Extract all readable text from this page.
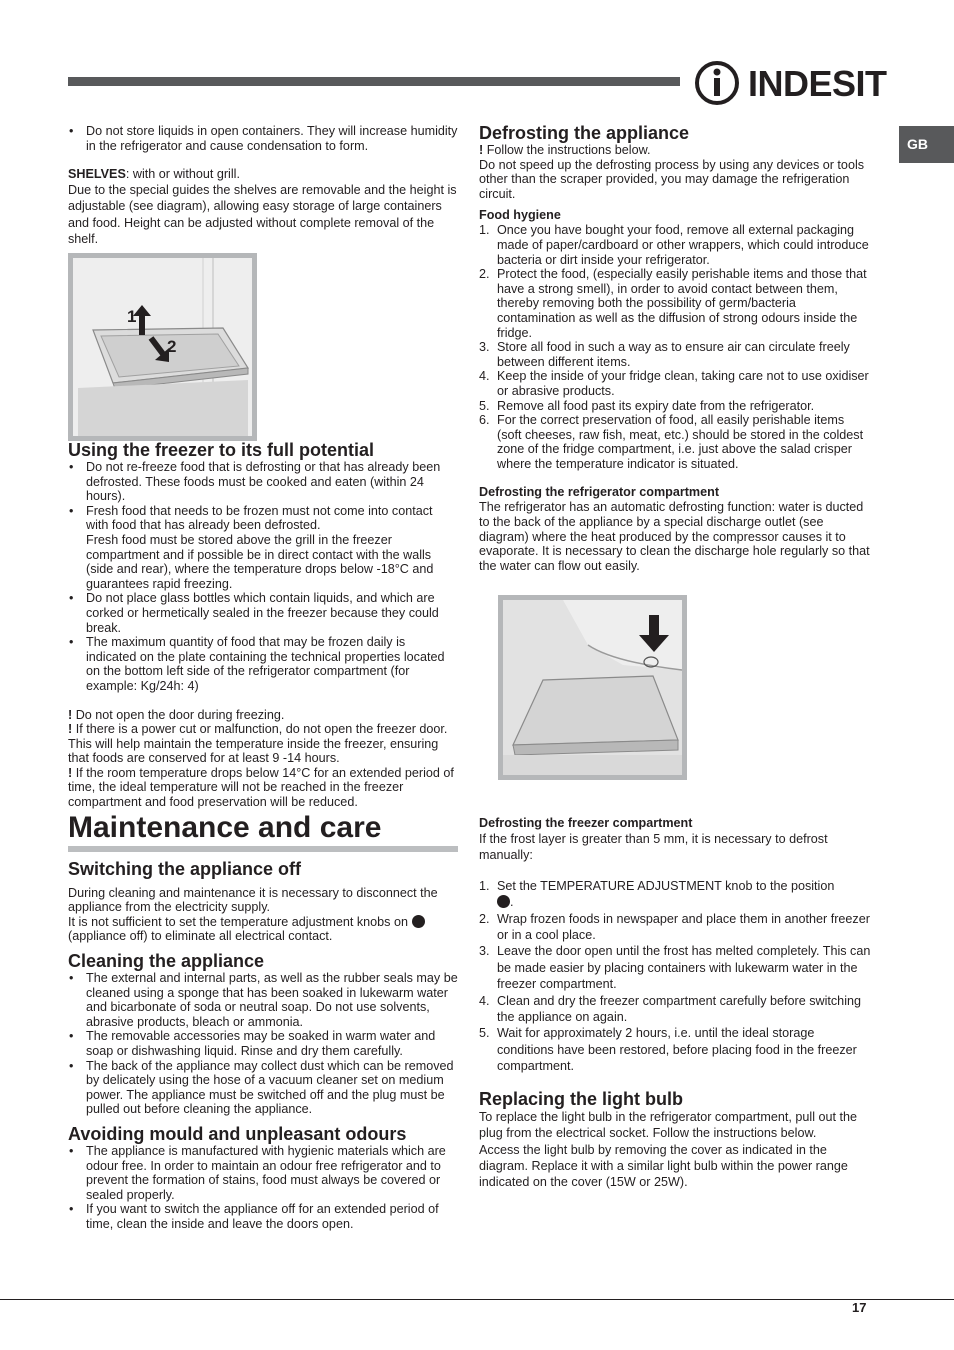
INDESIT
GB
• Do not store liquids in open containers. They will increase humidity in the refrigerator and cause condensation to form.

SHELVES: with or without grill.

Due to the special guides the shelves are removable and the height is adjustable (see diagram), allowing easy storage of large containers and food. Height can be adjusted without complete removal of the shelf.

1
2
Using the freezer to its full potential
• Do not re-freeze food that is defrosting or that has already been defrosted. These foods must be cooked and eaten (within 24 hours).
• Fresh food that needs to be frozen must not come into contact with food that has already been defrosted.
Fresh food must be stored above the grill in the freezer compartment and if possible be in direct contact with the walls (side and rear), where the temperature drops below -18°C and guarantees rapid freezing.
• Do not place glass bottles which contain liquids, and which are corked or hermetically sealed in the freezer because they could break.
• The maximum quantity of food that may be frozen daily is indicated on the plate containing the technical properties located on the bottom left side of the refrigerator compartment (for example: Kg/24h: 4)

! Do not open the door during freezing.

! If there is a power cut or malfunction, do not open the freezer door. This will help maintain the temperature inside the freezer, ensuring that foods are conserved for at least 9 -14 hours.

! If the room temperature drops below 14°C for an extended period of time, the ideal temperature will not be reached in the freezer compartment and food preservation will be reduced.

Maintenance and care
Switching the appliance off

During cleaning and maintenance it is necessary to disconnect the appliance from the electricity supply.

It is not sufficient to set the temperature adjustment knobs on
(appliance off) to eliminate all electrical contact.

Cleaning the appliance
• The external and internal parts, as well as the rubber seals may be cleaned using a sponge that has been soaked in lukewarm water and bicarbonate of soda or neutral soap. Do not use solvents, abrasive products, bleach or ammonia.
• The removable accessories may be soaked in warm water and soap or dishwashing liquid. Rinse and dry them carefully.
• The back of the appliance may collect dust which can be removed by delicately using the hose of a vacuum cleaner set on medium power. The appliance must be switched off and the plug must be pulled out before cleaning the appliance.
Avoiding mould and unpleasant odours
• The appliance is manufactured with hygienic materials which are odour free. In order to maintain an odour free refrigerator and to prevent the formation of stains, food must always be covered or sealed properly.
• If you want to switch the appliance off for an extended period of time, clean the inside and leave the doors open.
Defrosting the appliance

! Follow the instructions below.

Do not speed up the defrosting process by using any devices or tools other than the scraper provided, you may damage the refrigeration circuit.

Food hygiene
1. Once you have bought your food, remove all external packaging made of paper/cardboard or other wrappers, which could introduce bacteria or dirt inside your refrigerator.
2. Protect the food, (especially easily perishable items and those that have a strong smell), in order to avoid contact between them, thereby removing both the possibility of germ/bacteria contamination as well as the diffusion of strong odours inside the fridge.
3. Store all food in such a way as to ensure air can circulate freely between different items.
4. Keep the inside of your fridge clean, taking care not to use oxidiser or abrasive products.
5. Remove all food past its expiry date from the refrigerator.
6. For the correct preservation of food, all easily perishable items (soft cheeses, raw fish, meat, etc.) should be stored in the coldest zone of the fridge compartment, i.e. just above the salad crisper where the temperature indicator is situated.
Defrosting the refrigerator compartment

The refrigerator has an automatic defrosting function: water is ducted to the back of the appliance by a special discharge outlet (see diagram) where the heat produced by the compressor causes it to evaporate. It is necessary to clean the discharge hole regularly so that the water can flow out easily.

Defrosting the freezer compartment

If the frost layer is greater than 5 mm, it is necessary to defrost manually:

1. Set the TEMPERATURE ADJUSTMENT knob to the position
.
2. Wrap frozen foods in newspaper and place them in another freezer or in a cool place.
3. Leave the door open until the frost has melted completely. This can be made easier by placing containers with lukewarm water in the freezer compartment.
4. Clean and dry the freezer compartment carefully before switching the appliance on again.
5. Wait for approximately 2 hours, i.e. until the ideal storage conditions have been restored, before placing food in the freezer compartment.
Replacing the light bulb

To replace the light bulb in the refrigerator compartment, pull out the plug from the electrical socket. Follow the instructions below.

Access the light bulb by removing the cover as indicated in the diagram. Replace it with a similar light bulb within the power range indicated on the cover (15W or 25W).

17
